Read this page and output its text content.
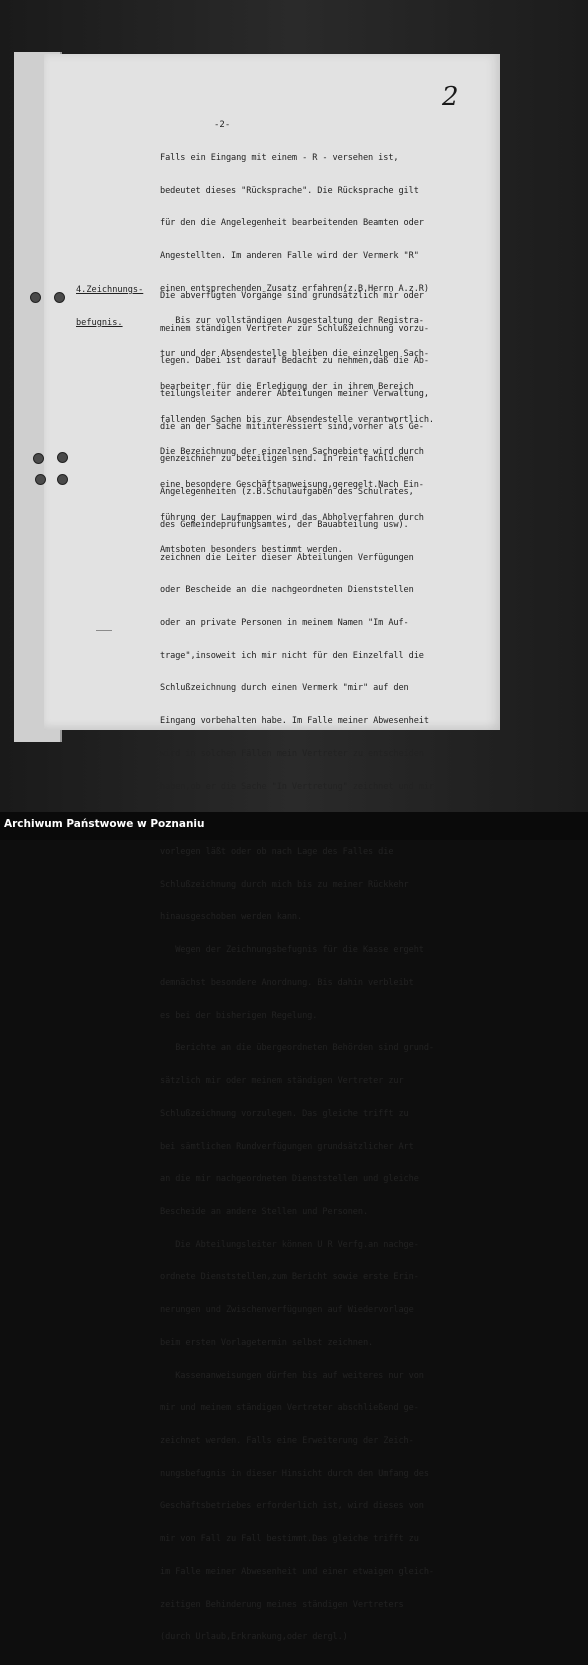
2
-2-

Falls ein Eingang mit einem - R - versehen ist,

bedeutet dieses "Rücksprache". Die Rücksprache gilt

für den die Angelegenheit bearbeitenden Beamten oder

Angestellten. Im anderen Falle wird der Vermerk "R"

einen entsprechenden Zusatz erfahren(z.B.Herrn A.z.R)

Bis zur vollständigen Ausgestaltung der Registra-

tur und der Absendestelle bleiben die einzelnen Sach-

bearbeiter für die Erledigung der in ihrem Bereich

fallenden Sachen bis zur Absendestelle verantwortlich.

Die Bezeichnung der einzelnen Sachgebiete wird durch

eine besondere Geschäftsanweisung,geregelt.Nach Ein-

führung der Laufmappen wird das Abholverfahren durch

Amtsboten besonders bestimmt werden.

4.Zeichnungs-

befugnis.

Die abverfügten Vorgänge sind grundsätzlich mir oder

meinem ständigen Vertreter zur Schlußzeichnung vorzu-

legen. Dabei ist darauf Bedacht zu nehmen,daß die Ab-

teilungsleiter anderer Abteilungen meiner Verwaltung,

die an der Sache mitinteressiert sind,vorher als Ge-

genzeichner zu beteiligen sind. In rein fachlichen

Angelegenheiten (z.B.Schulaufgaben des Schulrates,

des Gemeindeprüfungsamtes, der Bauabteilung usw).

zeichnen die Leiter dieser Abteilungen Verfügungen

oder Bescheide an die nachgeordneten Dienststellen

oder an private Personen in meinem Namen "Im Auf-

trage",insoweit ich mir nicht für den Einzelfall die

Schlußzeichnung durch einen Vermerk "mir" auf den

Eingang vorbehalten habe. Im Falle meiner Abwesenheit

wird in solchen Fällen mein Vertreter zu entscheiden

haben,ob er die Sache "In Vertretung" zeichnet und mir

vorlegen läßt oder ob nach Lage des Falles die

Schlußzeichnung durch mich bis zu meiner Rückkehr

hinausgeschoben werden kann.

Wegen der Zeichnungsbefugnis für die Kasse ergeht

demnächst besondere Anordnung. Bis dahin verbleibt

es bei der bisherigen Regelung.

Berichte an die übergeordneten Behörden sind grund-

sätzlich mir oder meinem ständigen Vertreter zur

Schlußzeichnung vorzulegen. Das gleiche trifft zu

bei sämtlichen Rundverfügungen grundsätzlicher Art

an die mir nachgeordneten Dienststellen und gleiche

Bescheide an andere Stellen und Personen.

Die Abteilungsleiter können U R Verfg.an nachge-

ordnete Dienststellen,zum Bericht sowie erste Erin-

nerungen und Zwischenverfügungen auf Wiedervorlage

beim ersten Vorlagetermin selbst zeichnen.

Kassenanweisungen dürfen bis auf weiteres nur von

mir und meinem ständigen Vertreter abschließend ge-

zeichnet werden. Falls eine Erweiterung der Zeich-

nungsbefugnis in dieser Hinsicht durch den Umfang des

Geschäftsbetriebes erforderlich ist, wird dieses von

mir von Fall zu Fall bestimmt.Das gleiche trifft zu

im Falle meiner Abwesenheit und einer etwaigen gleich-

zeitigen Behinderung meines ständigen Vertreters

(durch Urlaub,Erkrankung,oder dergl.)

Archiwum Państwowe w Poznaniu
